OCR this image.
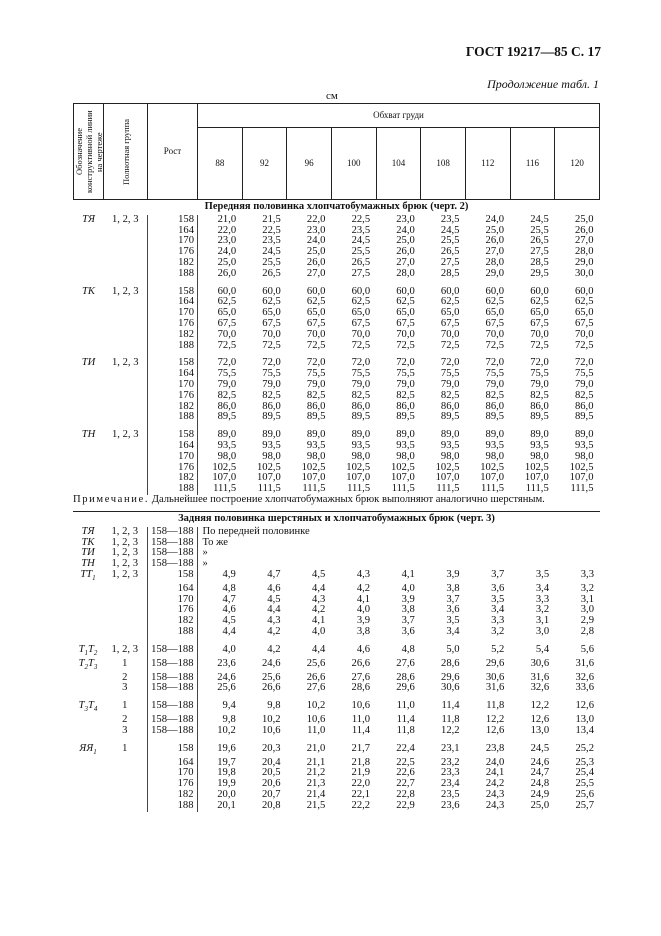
ГОСТ 19217—85 С. 17
Продолжение табл. 1
см
Обозначение конструктивной линии на чертеже	Полнотная группа	Рост	Обхват груди								
			88	92	96	100	104	108	112	116	120
Передняя половинка хлопчатобумажных брюк (черт. 2)											
ТЯ	1, 2, 3	158	21,0	21,5	22,0	22,5	23,0	23,5	24,0	24,5	25,0
		164	22,0	22,5	23,0	23,5	24,0	24,5	25,0	25,5	26,0
		170	23,0	23,5	24,0	24,5	25,0	25,5	26,0	26,5	27,0
		176	24,0	24,5	25,0	25,5	26,0	26,5	27,0	27,5	28,0
		182	25,0	25,5	26,0	26,5	27,0	27,5	28,0	28,5	29,0
		188	26,0	26,5	27,0	27,5	28,0	28,5	29,0	29,5	30,0

ТК	1, 2, 3	158	60,0	60,0	60,0	60,0	60,0	60,0	60,0	60,0	60,0
		164	62,5	62,5	62,5	62,5	62,5	62,5	62,5	62,5	62,5
		170	65,0	65,0	65,0	65,0	65,0	65,0	65,0	65,0	65,0
		176	67,5	67,5	67,5	67,5	67,5	67,5	67,5	67,5	67,5
		182	70,0	70,0	70,0	70,0	70,0	70,0	70,0	70,0	70,0
		188	72,5	72,5	72,5	72,5	72,5	72,5	72,5	72,5	72,5

ТИ	1, 2, 3	158	72,0	72,0	72,0	72,0	72,0	72,0	72,0	72,0	72,0
		164	75,5	75,5	75,5	75,5	75,5	75,5	75,5	75,5	75,5
		170	79,0	79,0	79,0	79,0	79,0	79,0	79,0	79,0	79,0
		176	82,5	82,5	82,5	82,5	82,5	82,5	82,5	82,5	82,5
		182	86,0	86,0	86,0	86,0	86,0	86,0	86,0	86,0	86,0
		188	89,5	89,5	89,5	89,5	89,5	89,5	89,5	89,5	89,5

ТН	1, 2, 3	158	89,0	89,0	89,0	89,0	89,0	89,0	89,0	89,0	89,0
		164	93,5	93,5	93,5	93,5	93,5	93,5	93,5	93,5	93,5
		170	98,0	98,0	98,0	98,0	98,0	98,0	98,0	98,0	98,0
		176	102,5	102,5	102,5	102,5	102,5	102,5	102,5	102,5	102,5
		182	107,0	107,0	107,0	107,0	107,0	107,0	107,0	107,0	107,0
		188	111,5	111,5	111,5	111,5	111,5	111,5	111,5	111,5	111,5
Примечание. Дальнейшее построение хлопчатобумажных брюк выполняют аналогично шерстяным.
Задняя половинка шерстяных и хлопчатобумажных брюк (черт. 3)											
ТЯ	1, 2, 3	158—188	По передней половинке								
ТК	1, 2, 3	158—188	То же								
ТИ	1, 2, 3	158—188	»								
ТН	1, 2, 3	158—188	»								
$ТТ_1$	1, 2, 3	158	4,9	4,7	4,5	4,3	4,1	3,9	3,7	3,5	3,3
		164	4,8	4,6	4,4	4,2	4,0	3,8	3,6	3,4	3,2
		170	4,7	4,5	4,3	4,1	3,9	3,7	3,5	3,3	3,1
		176	4,6	4,4	4,2	4,0	3,8	3,6	3,4	3,2	3,0
		182	4,5	4,3	4,1	3,9	3,7	3,5	3,3	3,1	2,9
		188	4,4	4,2	4,0	3,8	3,6	3,4	3,2	3,0	2,8

$Т_1Т_2$	1, 2, 3	158—188	4,0	4,2	4,4	4,6	4,8	5,0	5,2	5,4	5,6
$Т_2Т_3$	1	158—188	23,6	24,6	25,6	26,6	27,6	28,6	29,6	30,6	31,6
	2	158—188	24,6	25,6	26,6	27,6	28,6	29,6	30,6	31,6	32,6
	3	158—188	25,6	26,6	27,6	28,6	29,6	30,6	31,6	32,6	33,6

$Т_3Т_4$	1	158—188	9,4	9,8	10,2	10,6	11,0	11,4	11,8	12,2	12,6
	2	158—188	9,8	10,2	10,6	11,0	11,4	11,8	12,2	12,6	13,0
	3	158—188	10,2	10,6	11,0	11,4	11,8	12,2	12,6	13,0	13,4

$ЯЯ_1$	1	158	19,6	20,3	21,0	21,7	22,4	23,1	23,8	24,5	25,2
		164	19,7	20,4	21,1	21,8	22,5	23,2	24,0	24,6	25,3
		170	19,8	20,5	21,2	21,9	22,6	23,3	24,1	24,7	25,4
		176	19,9	20,6	21,3	22,0	22,7	23,4	24,2	24,8	25,5
		182	20,0	20,7	21,4	22,1	22,8	23,5	24,3	24,9	25,6
		188	20,1	20,8	21,5	22,2	22,9	23,6	24,3	25,0	25,7
